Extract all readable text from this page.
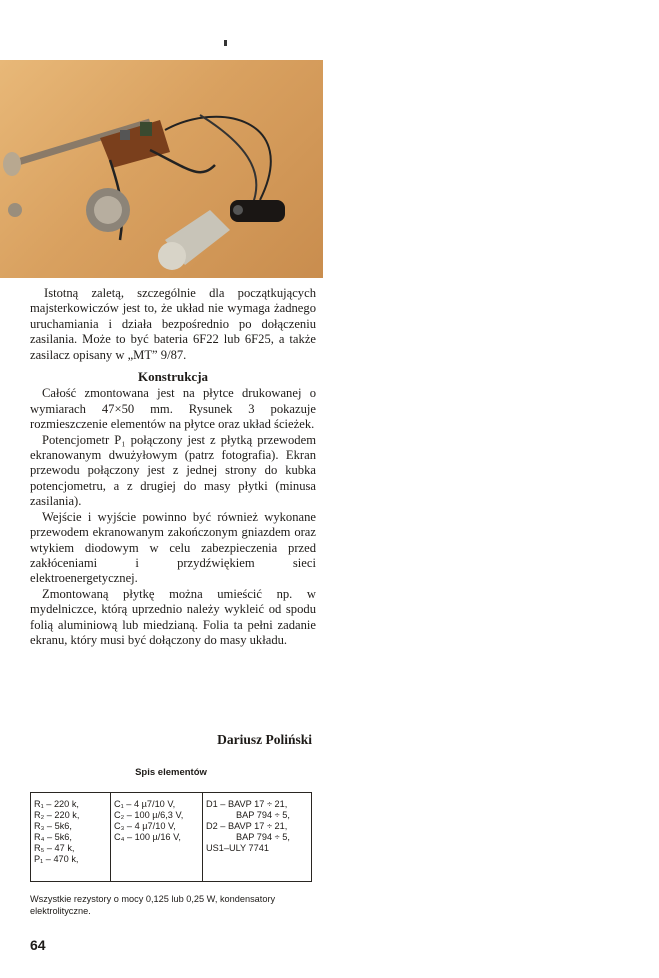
Istotną zaletą, szczególnie dla początkujących majsterkowiczów jest to, że układ nie wymaga żadnego uruchamiania i działa bezpośrednio po dołączeniu zasilania. Może to być bateria 6F22 lub 6F25, a także zasilacz opisany w „MT” 9/87.

Konstrukcja

Całość zmontowana jest na płytce drukowanej o wymiarach 47×50 mm. Rysunek 3 pokazuje rozmieszczenie elementów na płytce oraz układ ścieżek.

Potencjometr P₁ połączony jest z płytką przewodem ekranowanym dwużyłowym (patrz fotografia). Ekran przewodu połączony jest z jednej strony do kubka potencjometru, a z drugiej do masy płytki (minusa zasilania).

Wejście i wyjście powinno być również wykonane przewodem ekranowanym zakończonym gniazdem oraz wtykiem diodowym w celu zabezpieczenia przed zakłóceniami i przydźwiękiem sieci elektroenergetycznej.

Zmontowaną płytkę można umieścić np. w mydelniczce, którą uprzednio należy wykleić od spodu folią aluminiową lub miedzianą. Folia ta pełni zadanie ekranu, który musi być dołączony do masy układu.

Dariusz Poliński
Spis elementów
R₁ – 220 k,
R₂ – 220 k,
R₃ – 5k6,
R₄ – 5k6,
R₅ – 47 k,
P₁ – 470 k,

C₁ – 4 µ7/10 V,
C₂ – 100 µ/6,3 V,
C₃ – 4 µ7/10 V,
C₄ – 100 µ/16 V,

D1 – BAVP 17 ÷ 21,
BAP 794 ÷ 5,
D2 – BAVP 17 ÷ 21,
BAP 794 ÷ 5,
US1–ULY 7741
Wszystkie rezystory o mocy 0,125 lub 0,25 W, kondensatory elektrolityczne.
64
